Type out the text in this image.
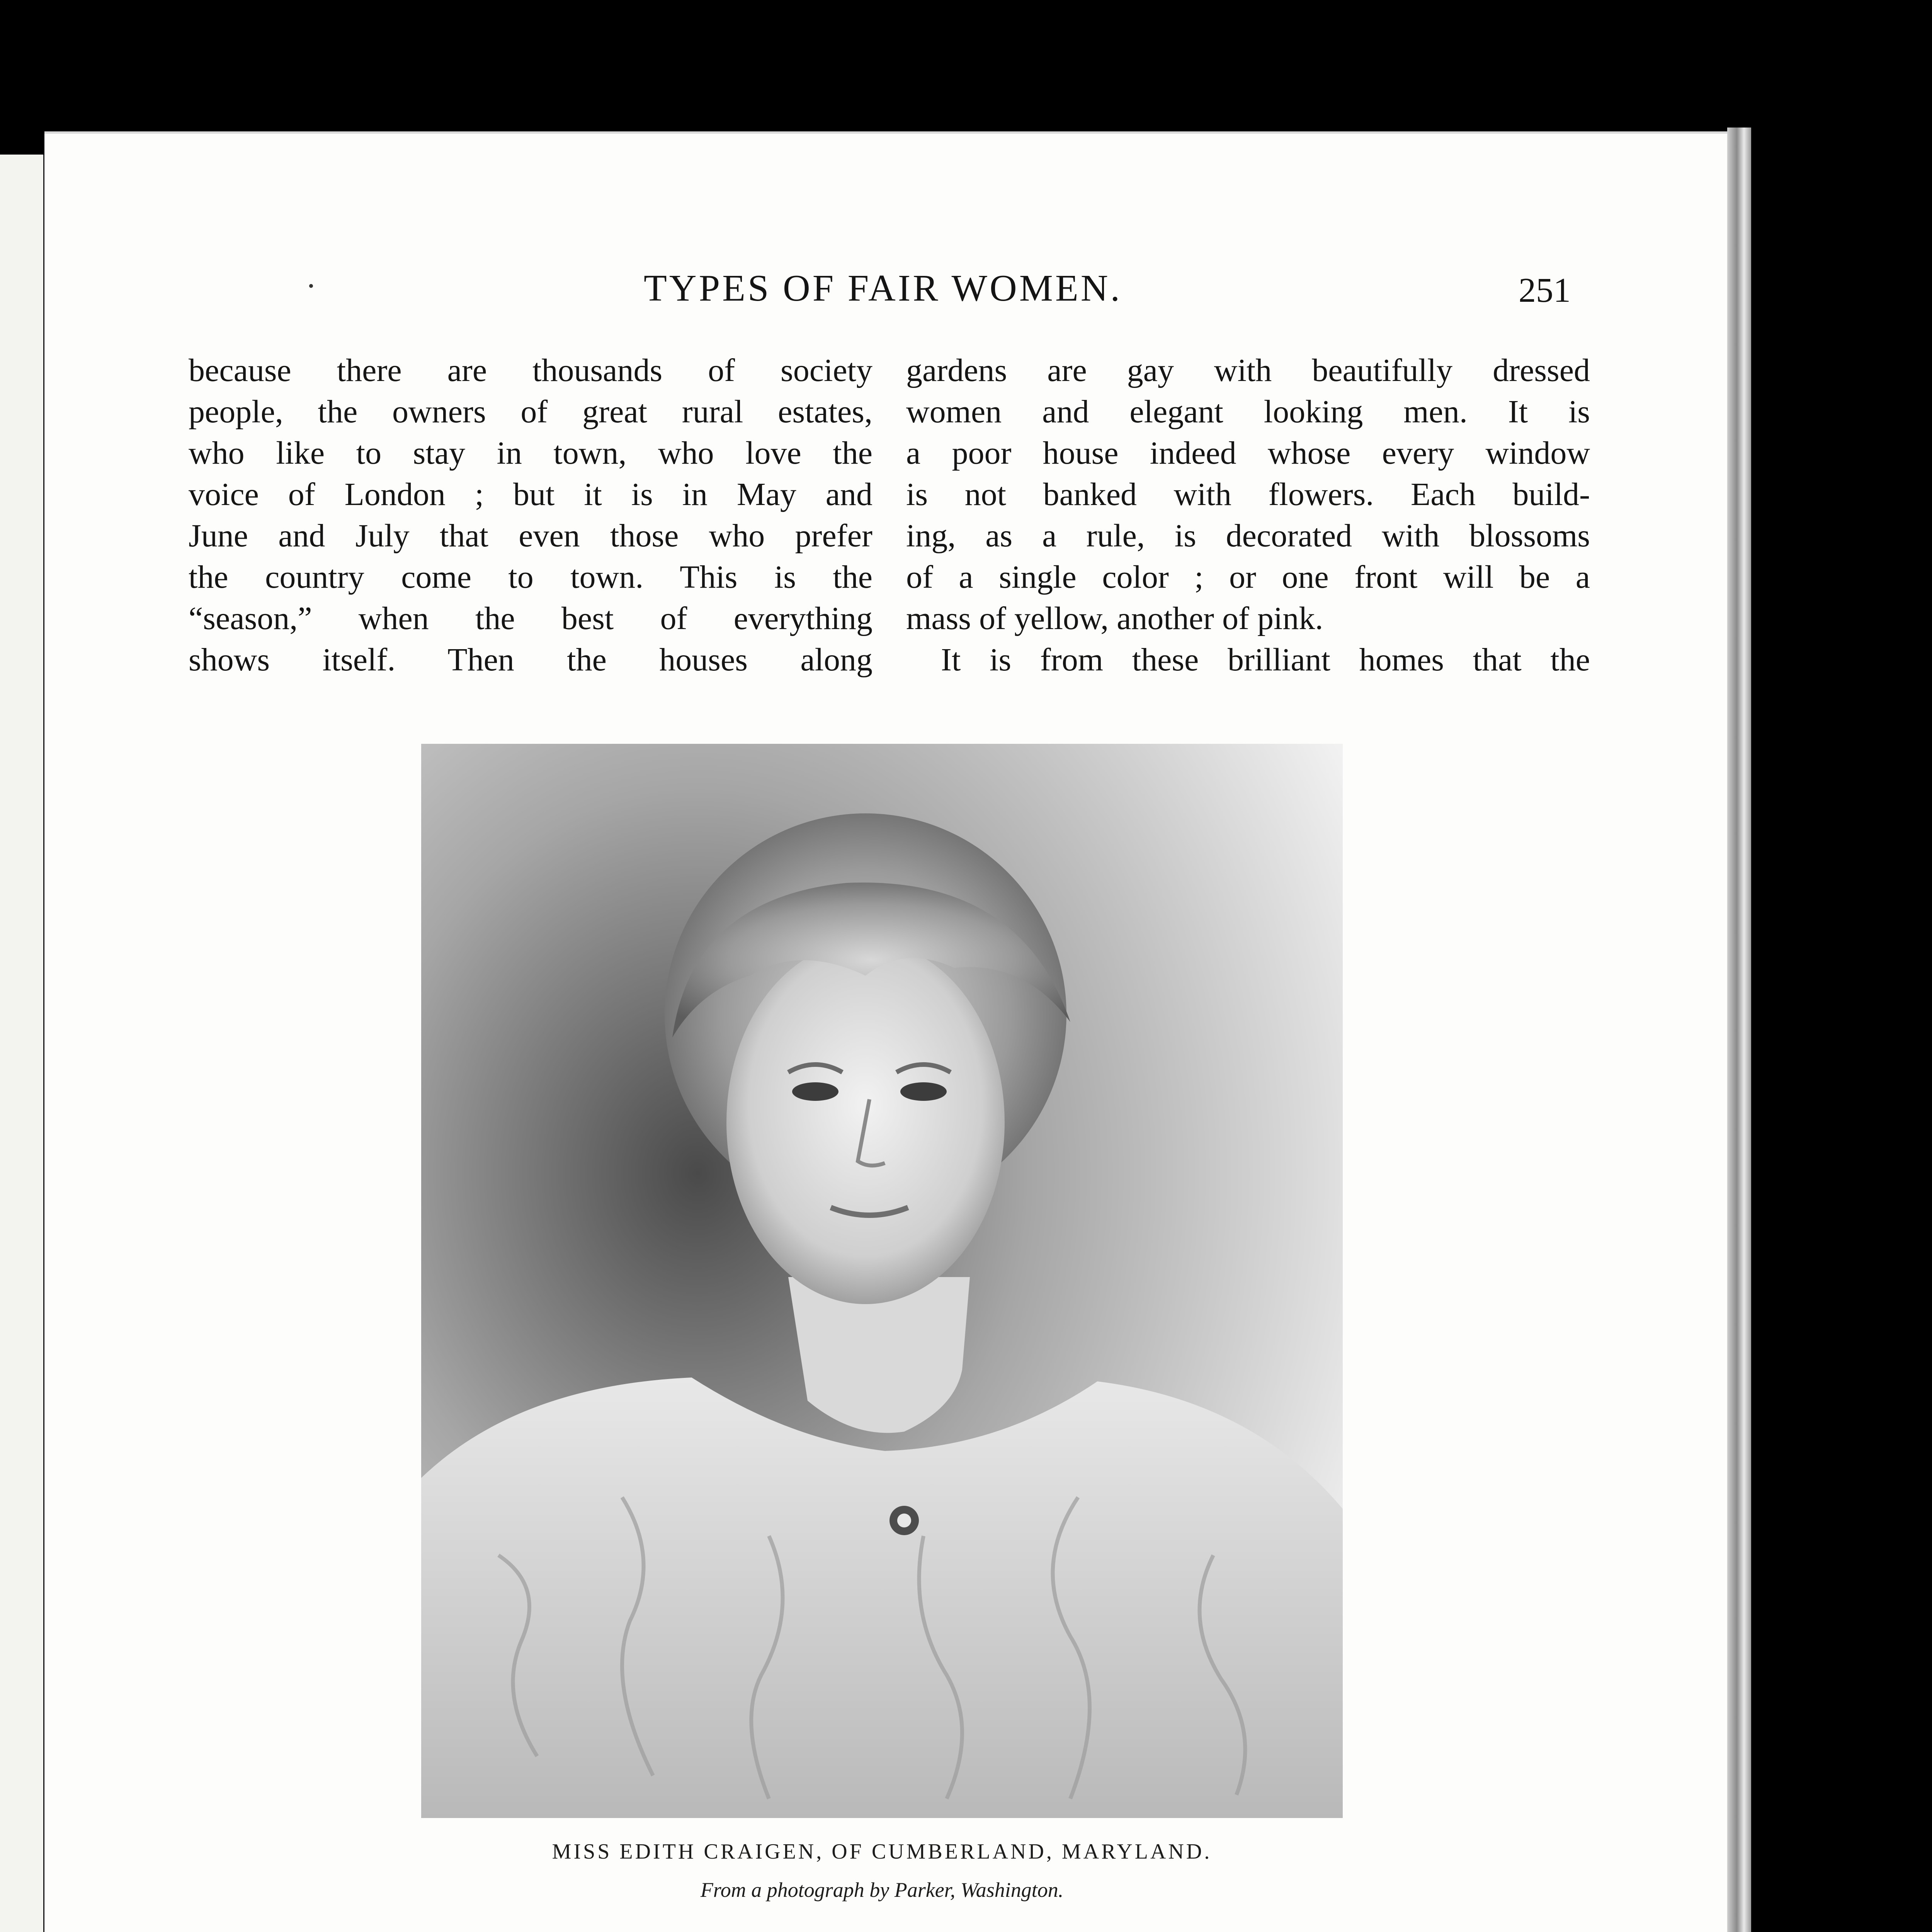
TYPES OF FAIR WOMEN.	251
because there are thousands of society
people, the owners of great rural estates,
who like to stay in town, who love the
voice of London ; but it is in May and
June and July that even those who prefer
the country come to town. This is the
“season,” when the best of everything
shows itself. Then the houses along
gardens are gay with beautifully dressed
women and elegant looking men. It is
a poor house indeed whose every window
is not banked with flowers. Each build-
ing, as a rule, is decorated with blossoms
of a single color ; or one front will be a
mass of yellow, another of pink.
It is from these brilliant homes that the
MISS EDITH CRAIGEN, OF CUMBERLAND, MARYLAND.
From a photograph by Parker, Washington.
